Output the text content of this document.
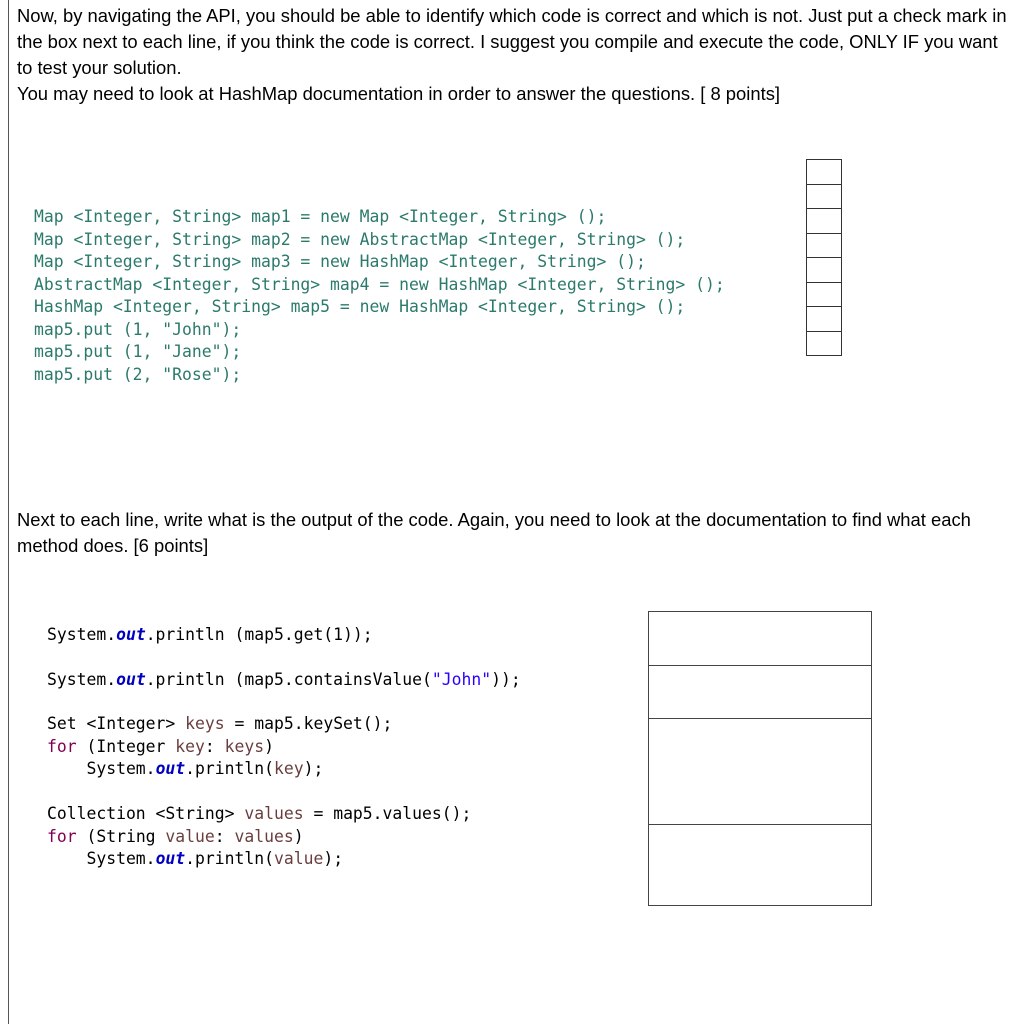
Now, by navigating the API, you should be able to identify which code is correct and which is not. Just put a check mark in the box next to each line, if you think the code is correct. I suggest you compile and execute the code, ONLY IF you want to test your solution.
You may need to look at HashMap documentation in order to answer the questions. [ 8 points]

Map <Integer, String> map1 = new Map <Integer, String> ();
Map <Integer, String> map2 = new AbstractMap <Integer, String> ();
Map <Integer, String> map3 = new HashMap <Integer, String> ();
AbstractMap <Integer, String> map4 = new HashMap <Integer, String> ();
HashMap <Integer, String> map5 = new HashMap <Integer, String> ();
map5.put (1, "John");
map5.put (1, "Jane");
map5.put (2, "Rose");

Next to each line, write what is the output of the code. Again, you need to look at the documentation to find what each method does. [6 points]

System.out.println (map5.get(1));
System.out.println (map5.containsValue("John"));
Set <Integer> keys = map5.keySet();
for (Integer key: keys)
System.out.println(key);
Collection <String> values = map5.values();
for (String value: values)
System.out.println(value);
